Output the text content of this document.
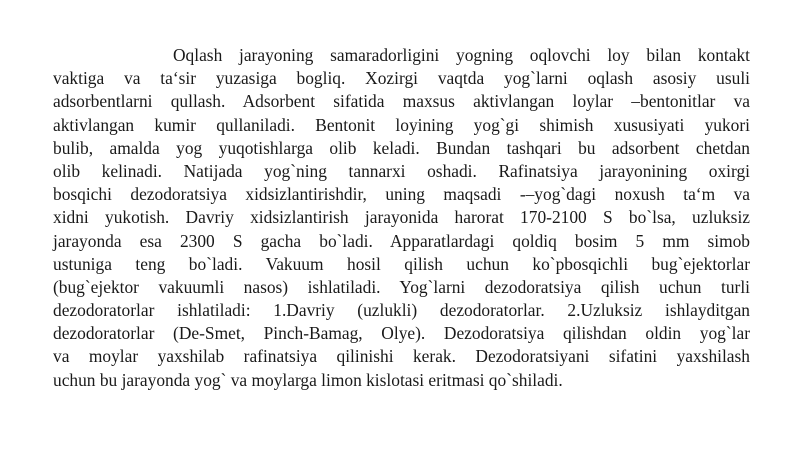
Oqlash jarayoning samaradorligini yogning oqlovchi loy bilan kontakt
vaktiga va ta‘sir yuzasiga bogliq. Xozirgi vaqtda yog`larni oqlash asosiy usuli
adsorbentlarni qullash. Adsorbent sifatida maxsus aktivlangan loylar –bentonitlar va
aktivlangan kumir qullaniladi. Bentonit loyining yog`gi shimish xususiyati yukori
bulib, amalda yog yuqotishlarga olib keladi. Bundan tashqari bu adsorbent chetdan
olib kelinadi. Natijada yog`ning tannarxi oshadi. Rafinatsiya jarayonining oxirgi
bosqichi dezodoratsiya xidsizlantirishdir, uning maqsadi -–yog`dagi noxush ta‘m va
xidni yukotish. Davriy xidsizlantirish jarayonida harorat 170-2100 S bo`lsa, uzluksiz
jarayonda esa 2300 S gacha bo`ladi. Apparatlardagi qoldiq bosim 5 mm simob
ustuniga teng bo`ladi. Vakuum hosil qilish uchun ko`pbosqichli bug`ejektorlar
(bug`ejektor vakuumli nasos) ishlatiladi. Yog`larni dezodoratsiya qilish uchun turli
dezodoratorlar ishlatiladi: 1.Davriy (uzlukli) dezodoratorlar. 2.Uzluksiz ishlayditgan
dezodoratorlar (De-Smet, Pinch-Bamag, Olye). Dezodoratsiya qilishdan oldin yog`lar
va moylar yaxshilab rafinatsiya qilinishi kerak. Dezodoratsiyani sifatini yaxshilash
uchun bu jarayonda yog` va moylarga limon kislotasi eritmasi qo`shiladi.
